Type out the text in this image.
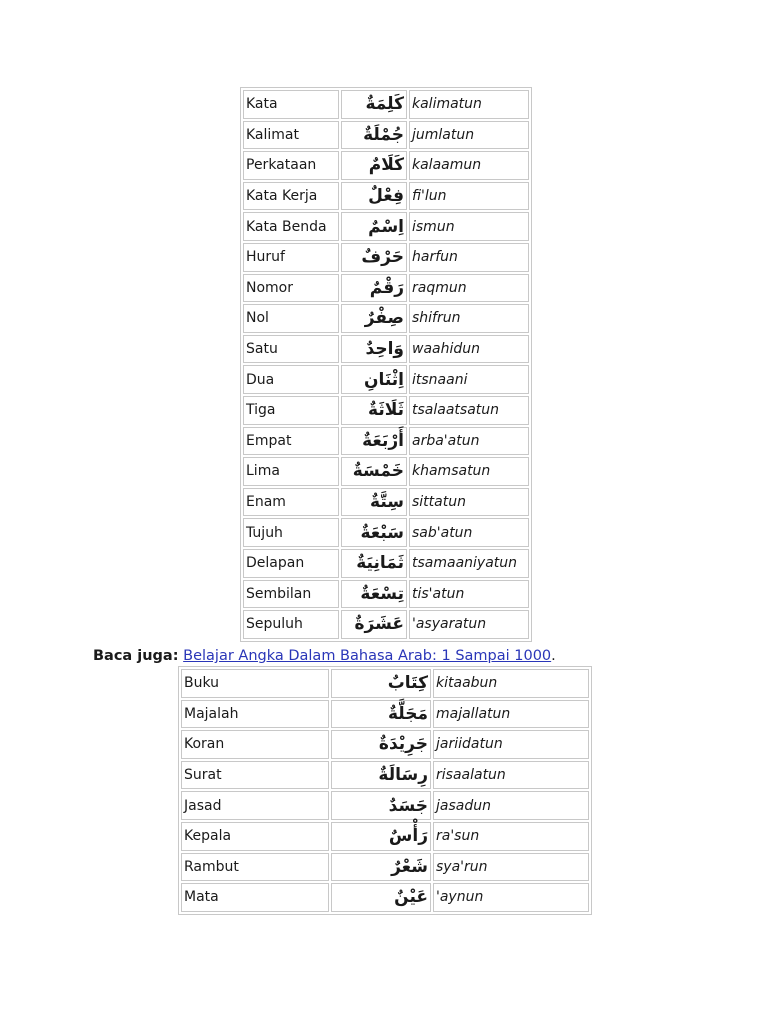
Kata	كَلِمَةٌ	kalimatun
Kalimat	جُمْلَةٌ	jumlatun
Perkataan	كَلَامٌ	kalaamun
Kata Kerja	فِعْلٌ	fi'lun
Kata Benda	اِسْمٌ	ismun
Huruf	حَرْفٌ	harfun
Nomor	رَقْمٌ	raqmun
Nol	صِفْرٌ	shifrun
Satu	وَاحِدٌ	waahidun
Dua	اِثْنَانِ	itsnaani
Tiga	ثَلَاثَةٌ	tsalaatsatun
Empat	أَرْبَعَةٌ	arba'atun
Lima	خَمْسَةٌ	khamsatun
Enam	سِتَّةٌ	sittatun
Tujuh	سَبْعَةٌ	sab'atun
Delapan	ثَمَانِيَةٌ	tsamaaniyatun
Sembilan	تِسْعَةٌ	tis'atun
Sepuluh	عَشَرَةٌ	'asyaratun
Baca juga: Belajar Angka Dalam Bahasa Arab: 1 Sampai 1000.
Buku	كِتَابٌ	kitaabun
Majalah	مَجَلَّةٌ	majallatun
Koran	جَرِيْدَةٌ	jariidatun
Surat	رِسَالَةٌ	risaalatun
Jasad	جَسَدٌ	jasadun
Kepala	رَأْسٌ	ra'sun
Rambut	شَعْرٌ	sya'run
Mata	عَيْنٌ	'aynun
